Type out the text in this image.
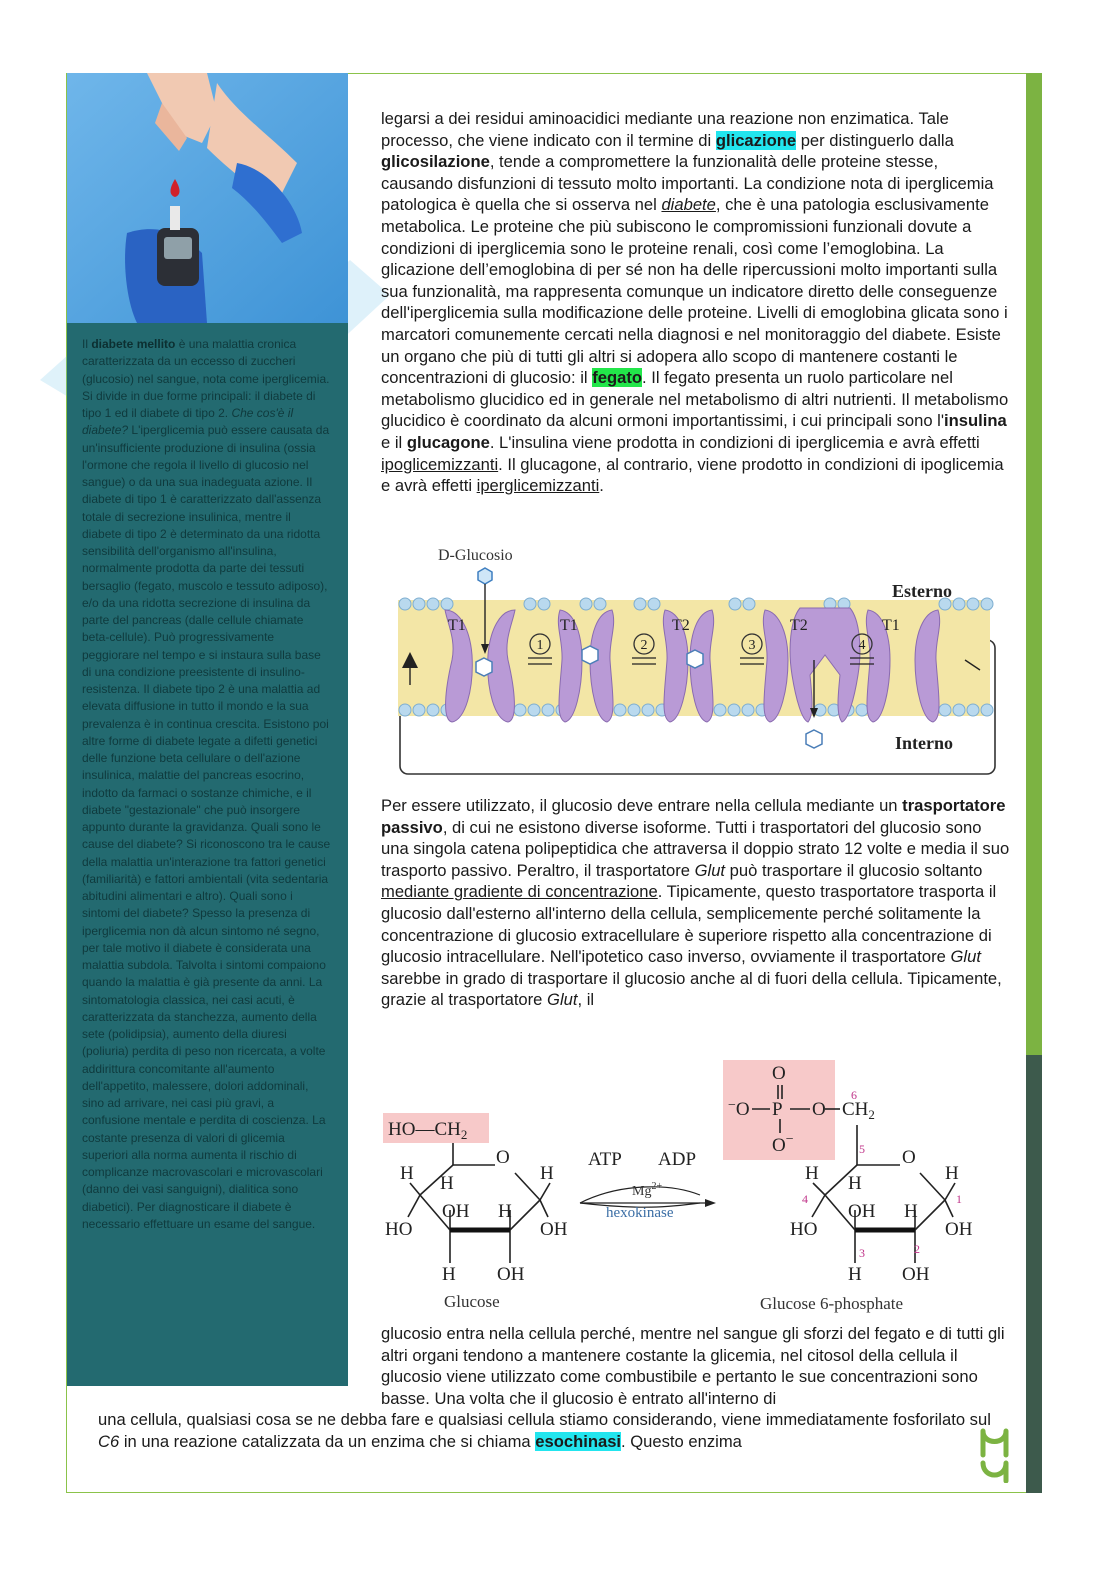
Il diabete mellito è una malattia cronica caratterizzata da un eccesso di zuccheri (glucosio) nel sangue, nota come iperglicemia. Si divide in due forme principali: il diabete di tipo 1 ed il diabete di tipo 2. Che cos'è il diabete? L'iperglicemia può essere causata da un'insufficiente produzione di insulina (ossia l'ormone che regola il livello di glucosio nel sangue) o da una sua inadeguata azione. Il diabete di tipo 1 è caratterizzato dall'assenza totale di secrezione insulinica, mentre il diabete di tipo 2 è determinato da una ridotta sensibilità dell'organismo all'insulina, normalmente prodotta da parte dei tessuti bersaglio (fegato, muscolo e tessuto adiposo), e/o da una ridotta secrezione di insulina da parte del pancreas (dalle cellule chiamate beta-cellule). Può progressivamente peggiorare nel tempo e si instaura sulla base di una condizione preesistente di insulino-resistenza. Il diabete tipo 2 è una malattia ad elevata diffusione in tutto il mondo e la sua prevalenza è in continua crescita. Esistono poi altre forme di diabete legate a difetti genetici delle funzione beta cellulare o dell'azione insulinica, malattie del pancreas esocrino, indotto da farmaci o sostanze chimiche, e il diabete "gestazionale" che può insorgere appunto durante la gravidanza. Quali sono le cause del diabete? Si riconoscono tra le cause della malattia un'interazione tra fattori genetici (familiarità) e fattori ambientali (vita sedentaria abitudini alimentari e altro). Quali sono i sintomi del diabete? Spesso la presenza di iperglicemia non dà alcun sintomo né segno, per tale motivo il diabete è considerata una malattia subdola. Talvolta i sintomi compaiono quando la malattia è già presente da anni. La sintomatologia classica, nei casi acuti, è caratterizzata da stanchezza, aumento della sete (polidipsia), aumento della diuresi (poliuria) perdita di peso non ricercata, a volte addirittura concomitante all'aumento dell'appetito, malessere, dolori addominali, sino ad arrivare, nei casi più gravi, a confusione mentale e perdita di coscienza. La costante presenza di valori di glicemia superiori alla norma aumenta il rischio di complicanze macrovascolari e microvascolari (danno dei vasi sanguigni), dialitica sono diabetici). Per diagnosticare il diabete è necessario effettuare un esame del sangue.
legarsi a dei residui aminoacidici mediante una reazione non enzimatica. Tale processo, che viene indicato con il termine di glicazione per distinguerlo dalla glicosilazione, tende a compromettere la funzionalità delle proteine stesse, causando disfunzioni di tessuto molto importanti. La condizione nota di iperglicemia patologica è quella che si osserva nel diabete, che è una patologia esclusivamente metabolica. Le proteine che più subiscono le compromissioni funzionali dovute a condizioni di iperglicemia sono le proteine renali, così come l’emoglobina. La glicazione dell’emoglobina di per sé non ha delle ripercussioni molto importanti sulla sua funzionalità, ma rappresenta comunque un indicatore diretto delle conseguenze dell'iperglicemia sulla modificazione delle proteine. Livelli di emoglobina glicata sono i marcatori comunemente cercati nella diagnosi e nel monitoraggio del diabete. Esiste un organo che più di tutti gli altri si adopera allo scopo di mantenere costanti le concentrazioni di glucosio: il fegato. Il fegato presenta un ruolo particolare nel metabolismo glucidico ed in generale nel metabolismo di altri nutrienti. Il metabolismo glucidico è coordinato da alcuni ormoni importantissimi, i cui principali sono l'insulina e il glucagone. L'insulina viene prodotta in condizioni di iperglicemia e avrà effetti ipoglicemizzanti. Il glucagone, al contrario, viene prodotto in condizioni di ipoglicemia e avrà effetti iperglicemizzanti.
D-Glucosio
Esterno
Interno
T1	T1	T2	T2	T1
1	2	3	4
Per essere utilizzato, il glucosio deve entrare nella cellula mediante un trasportatore passivo, di cui ne esistono diverse isoforme. Tutti i trasportatori del glucosio sono una singola catena polipeptidica che attraversa il doppio strato 12 volte e media il suo trasporto passivo. Peraltro, il trasportatore Glut può trasportare il glucosio soltanto mediante gradiente di concentrazione. Tipicamente, questo trasportatore trasporta il glucosio dall'esterno all'interno della cellula, semplicemente perché solitamente la concentrazione di glucosio extracellulare è superiore rispetto alla concentrazione di glucosio intracellulare. Nell'ipotetico caso inverso, ovviamente il trasportatore Glut sarebbe in grado di trasportare il glucosio anche al di fuori della cellula. Tipicamente, grazie al trasportatore Glut, il
$HO—CH_2$
O
H	H
H
HO	OH
OH H
H OH
O
−O P O $CH_2$
O−
O
H	H
H
HO	OH
OH H
H OH
ATP ADP
$Mg^{2+}$
hexokinase
Glucose	Glucose 6-phosphate
6
5
4
3	2
1
glucosio entra nella cellula perché, mentre nel sangue gli sforzi del fegato e di tutti gli altri organi tendono a mantenere costante la glicemia, nel citosol della cellula il glucosio viene utilizzato come combustibile e pertanto le sue concentrazioni sono basse. Una volta che il glucosio è entrato all'interno di
una cellula, qualsiasi cosa se ne debba fare e qualsiasi cellula stiamo considerando, viene immediatamente fosforilato sul C6 in una reazione catalizzata da un enzima che si chiama esochinasi. Questo enzima
